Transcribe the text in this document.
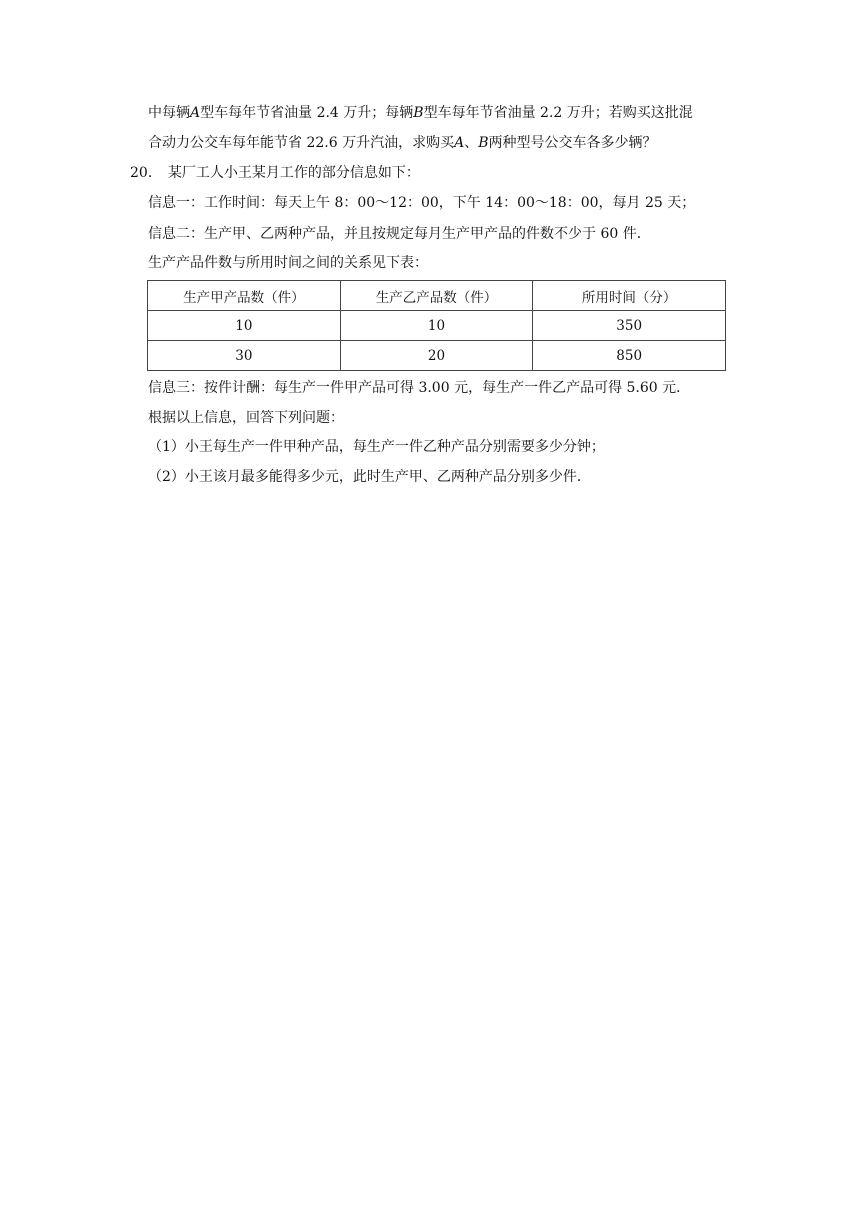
中每辆A型车每年节省油量 2.4 万升；每辆B型车每年节省油量 2.2 万升；若购买这批混
合动力公交车每年能节省 22.6 万升汽油，求购买A、B两种型号公交车各多少辆？
20． 某厂工人小王某月工作的部分信息如下：
信息一：工作时间：每天上午 8：00～12：00，下午 14：00～18：00，每月 25 天；
信息二：生产甲、乙两种产品，并且按规定每月生产甲产品的件数不少于 60 件．
生产产品件数与所用时间之间的关系见下表：
生产甲产品数（件）	生产乙产品数（件）	所用时间（分）
10	10	350
30	20	850
信息三：按件计酬：每生产一件甲产品可得 3.00 元，每生产一件乙产品可得 5.60 元．
根据以上信息，回答下列问题：
（1）小王每生产一件甲种产品，每生产一件乙种产品分别需要多少分钟；
（2）小王该月最多能得多少元，此时生产甲、乙两种产品分别多少件．
